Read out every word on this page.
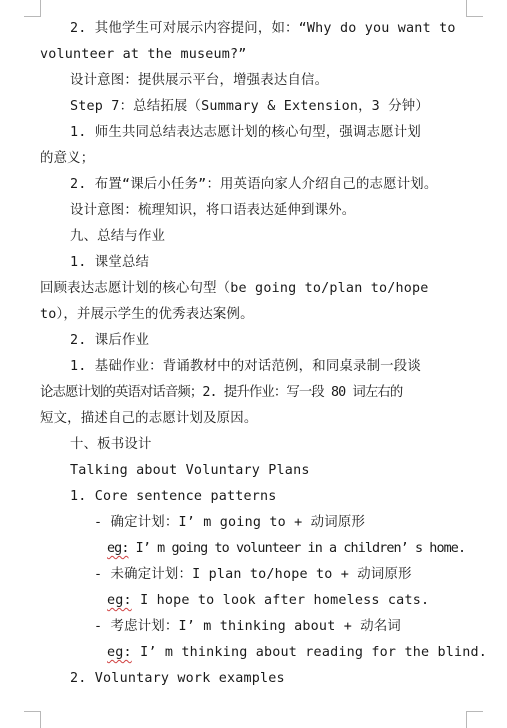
2. 其他学生可对展示内容提问，如：“Why do you want to
volunteer at the museum?”
设计意图：提供展示平台，增强表达自信。
Step 7：总结拓展（Summary & Extension，3 分钟）
1. 师生共同总结表达志愿计划的核心句型，强调志愿计划
的意义；
2. 布置“课后小任务”：用英语向家人介绍自己的志愿计划。
设计意图：梳理知识，将口语表达延伸到课外。
九、总结与作业
1. 课堂总结
回顾表达志愿计划的核心句型（be going to/plan to/hope
to），并展示学生的优秀表达案例。
2. 课后作业
1. 基础作业：背诵教材中的对话范例，和同桌录制一段谈
论志愿计划的英语对话音频；2. 提升作业：写一段 80 词左右的
短文，描述自己的志愿计划及原因。
十、板书设计
Talking about Voluntary Plans
1. Core sentence patterns
- 确定计划：I’ m going to + 动词原形
eg: I’ m going to volunteer in a children’ s home.
- 未确定计划：I plan to/hope to + 动词原形
eg: I hope to look after homeless cats.
- 考虑计划：I’ m thinking about + 动名词
eg: I’ m thinking about reading for the blind.
2. Voluntary work examples
